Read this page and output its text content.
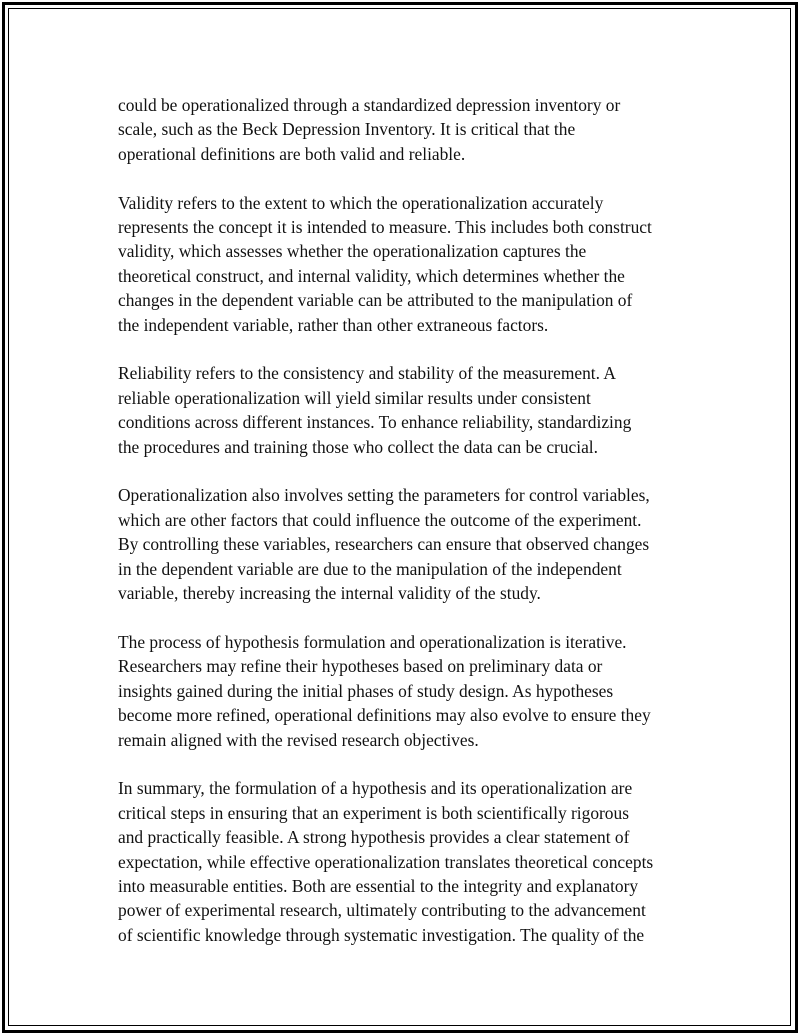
could be operationalized through a standardized depression inventory or
scale, such as the Beck Depression Inventory. It is critical that the
operational definitions are both valid and reliable.

Validity refers to the extent to which the operationalization accurately
represents the concept it is intended to measure. This includes both construct
validity, which assesses whether the operationalization captures the
theoretical construct, and internal validity, which determines whether the
changes in the dependent variable can be attributed to the manipulation of
the independent variable, rather than other extraneous factors.

Reliability refers to the consistency and stability of the measurement. A
reliable operationalization will yield similar results under consistent
conditions across different instances. To enhance reliability, standardizing
the procedures and training those who collect the data can be crucial.

Operationalization also involves setting the parameters for control variables,
which are other factors that could influence the outcome of the experiment.
By controlling these variables, researchers can ensure that observed changes
in the dependent variable are due to the manipulation of the independent
variable, thereby increasing the internal validity of the study.

The process of hypothesis formulation and operationalization is iterative.
Researchers may refine their hypotheses based on preliminary data or
insights gained during the initial phases of study design. As hypotheses
become more refined, operational definitions may also evolve to ensure they
remain aligned with the revised research objectives.

In summary, the formulation of a hypothesis and its operationalization are
critical steps in ensuring that an experiment is both scientifically rigorous
and practically feasible. A strong hypothesis provides a clear statement of
expectation, while effective operationalization translates theoretical concepts
into measurable entities. Both are essential to the integrity and explanatory
power of experimental research, ultimately contributing to the advancement
of scientific knowledge through systematic investigation. The quality of the
